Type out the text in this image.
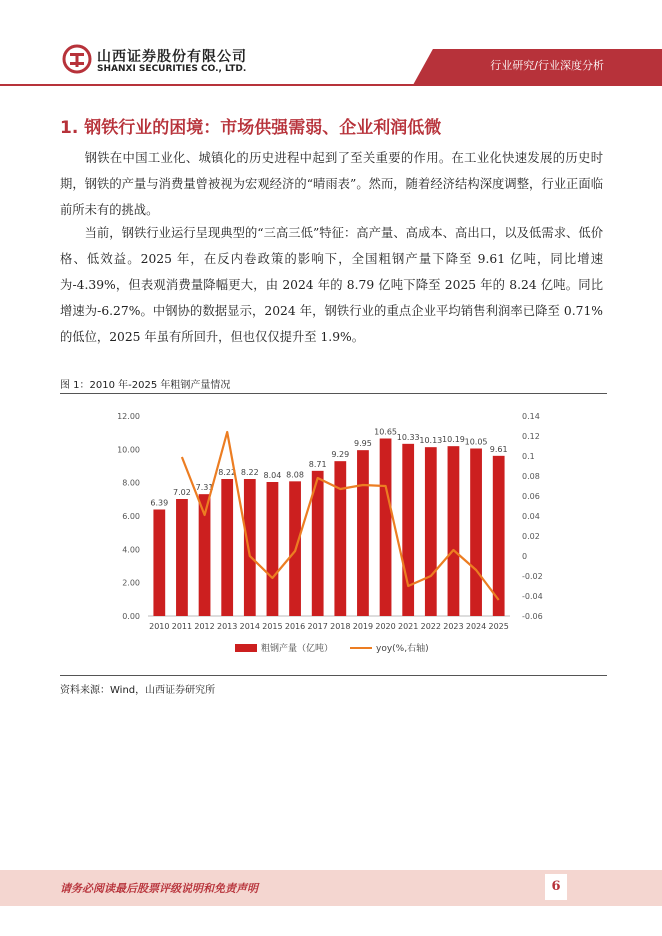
山西证券股份有限公司
SHANXI SECURITIES CO., LTD.	行业研究/行业深度分析
1. 钢铁行业的困境：市场供强需弱、企业利润低微
钢铁在中国工业化、城镇化的历史进程中起到了至关重要的作用。在工业化快速发展的历史时期，钢铁的产量与消费量曾被视为宏观经济的“晴雨表”。然而，随着经济结构深度调整，行业正面临前所未有的挑战。
当前，钢铁行业运行呈现典型的“三高三低”特征：高产量、高成本、高出口，以及低需求、低价格、低效益。2025 年，在反内卷政策的影响下，全国粗钢产量下降至 9.61 亿吨，同比增速为-4.39%，但表观消费量降幅更大，由 2024 年的 8.79 亿吨下降至 2025 年的 8.24 亿吨。同比增速为-6.27%。中钢协的数据显示，2024 年，钢铁行业的重点企业平均销售利润率已降至 0.71%的低位，2025 年虽有所回升，但也仅仅提升至 1.9%。
图 1：2010 年-2025 年粗钢产量情况
0.00
2.00
4.00
6.00
8.00
10.00
12.00
-0.06
-0.04
-0.02
0
0.02
0.04
0.06
0.08
0.1
0.12
0.14
6.39
2010
7.02
2011
7.31
2012
8.22
2013
8.22
2014
8.04
2015
8.08
2016
8.71
2017
9.29
2018
9.95
2019
10.65
2020
10.33
2021
10.13
2022
10.19
2023
10.05
2024
9.61
2025
粗钢产量（亿吨）	yoy(%,右轴)
资料来源：Wind，山西证券研究所
请务必阅读最后股票评级说明和免责声明	6
